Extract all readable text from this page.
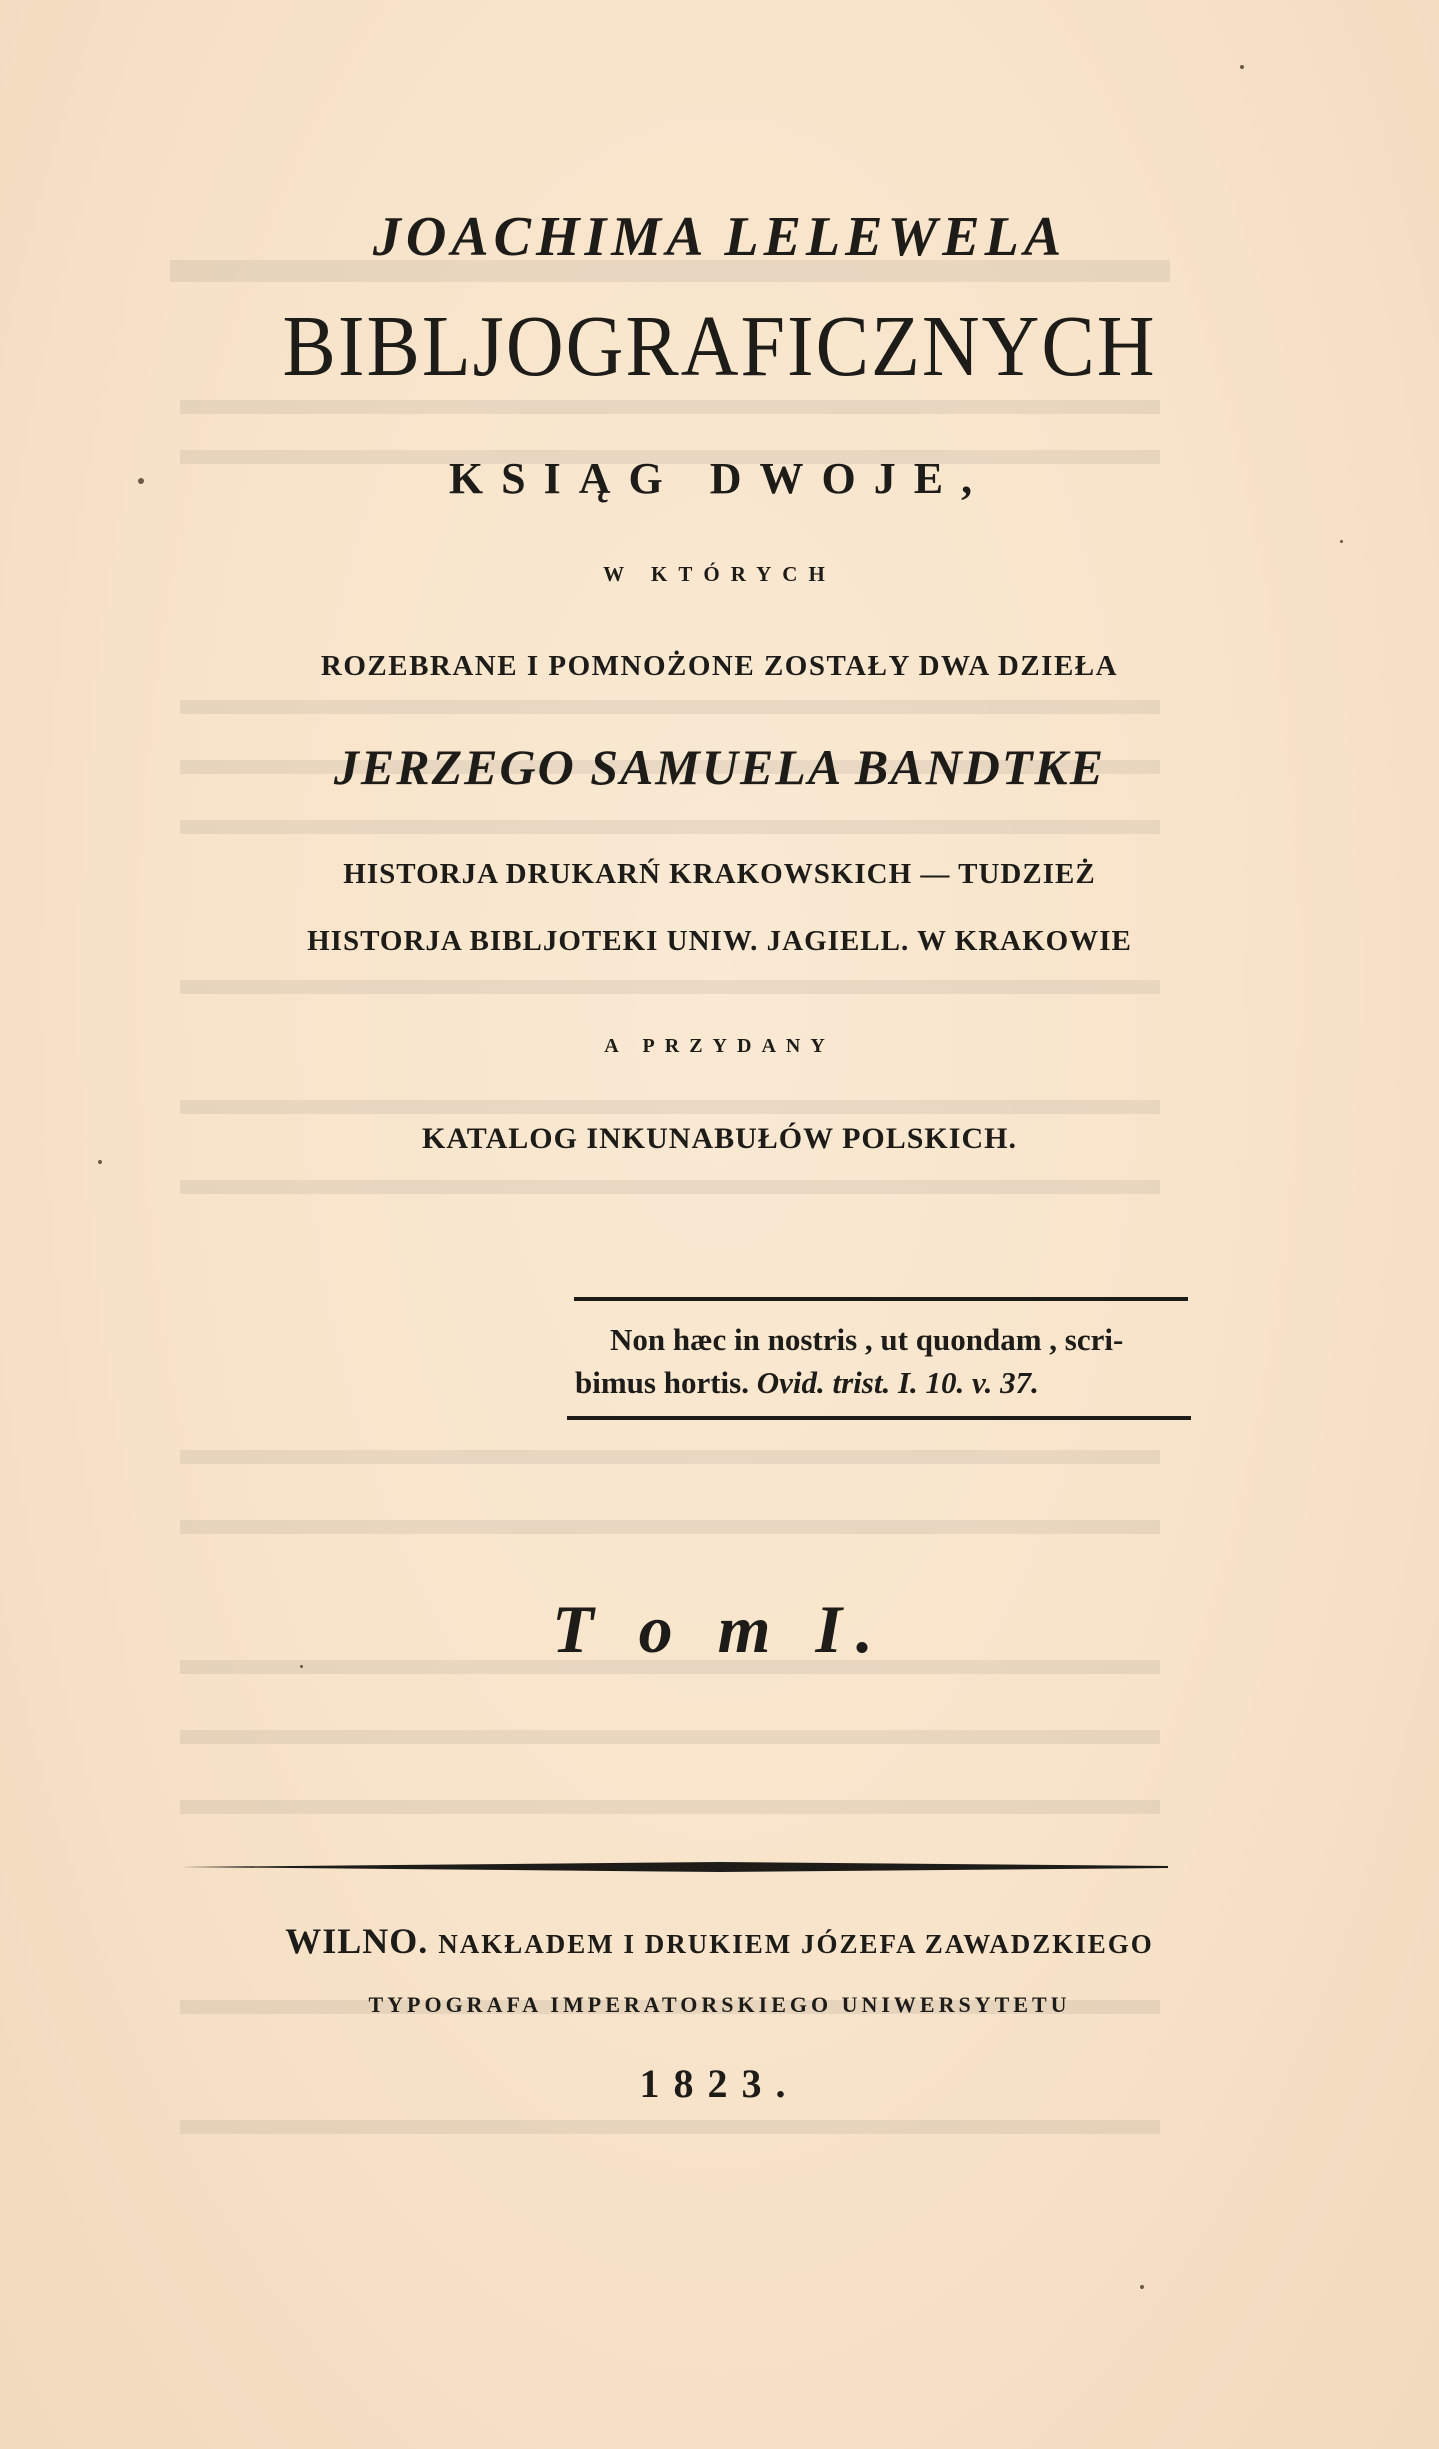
JOACHIMA LELEWELA
BIBLJOGRAFICZNYCH
KSIĄG DWOJE,
W KTÓRYCH
ROZEBRANE I POMNOŻONE ZOSTAŁY DWA DZIEŁA
JERZEGO SAMUELA BANDTKE
HISTORJA DRUKARŃ KRAKOWSKICH — TUDZIEŻ
HISTORJA BIBLJOTEKI UNIW. JAGIELL. W KRAKOWIE
A PRZYDANY
KATALOG INKUNABUŁÓW POLSKICH.
Non hæc in nostris , ut quondam , scri-
bimus hortis. Ovid. trist. I. 10. v. 37.
T o m I.
WILNO. NAKŁADEM I DRUKIEM JÓZEFA ZAWADZKIEGO
TYPOGRAFA IMPERATORSKIEGO UNIWERSYTETU
1823.
